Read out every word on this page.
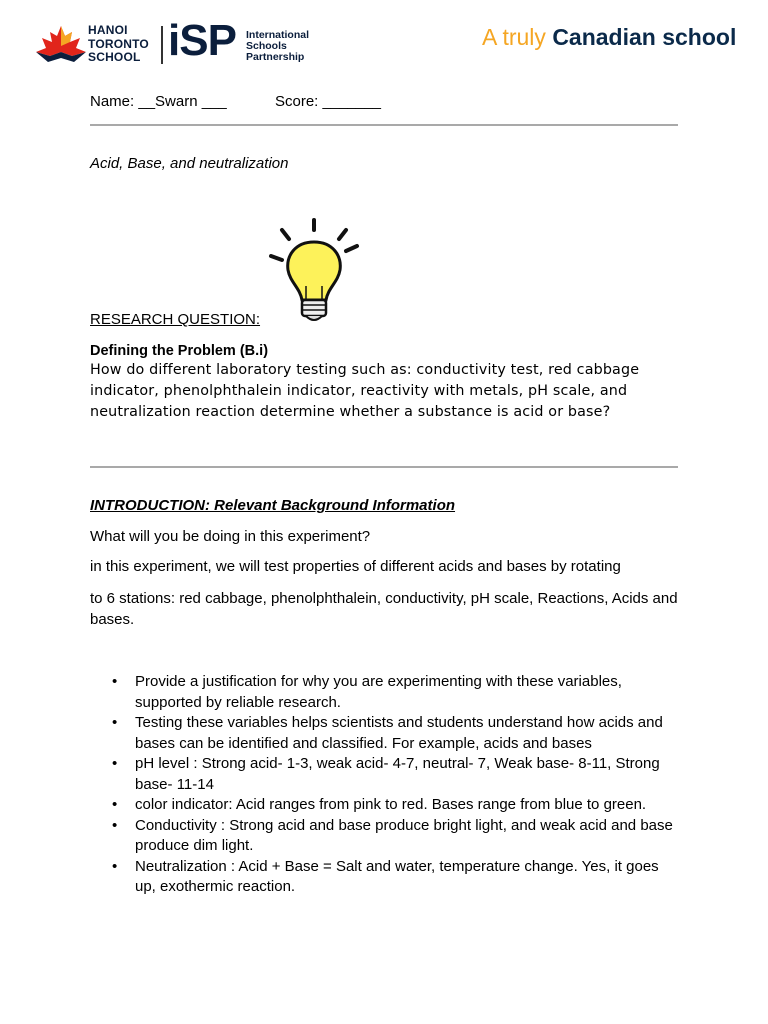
HANOI
TORONTO
SCHOOL iSP International
Schools
Partnership
A truly Canadian school
Name: __Swarn ___	Score: _______
Acid, Base, and neutralization
RESEARCH QUESTION:
Defining the Problem (B.i)
How do different laboratory testing such as: conductivity test, red cabbage indicator, phenolphthalein indicator, reactivity with metals, pH scale, and neutralization reaction determine whether a substance is acid or base?
INTRODUCTION: Relevant Background Information
What will you be doing in this experiment?
in this experiment, we will test properties of different acids and bases by rotating
to 6 stations: red cabbage, phenolphthalein, conductivity, pH scale, Reactions, Acids and bases.
• Provide a justification for why you are experimenting with these variables, supported by reliable research.
• Testing these variables helps scientists and students understand how acids and bases can be identified and classified. For example, acids and bases
• pH level : Strong acid- 1-3, weak acid- 4-7, neutral- 7, Weak base- 8-11, Strong base- 11-14
• color indicator: Acid ranges from pink to red. Bases range from blue to green.
• Conductivity : Strong acid and base produce bright light, and weak acid and base produce dim light.
• Neutralization : Acid + Base = Salt and water, temperature change. Yes, it goes up, exothermic reaction.
